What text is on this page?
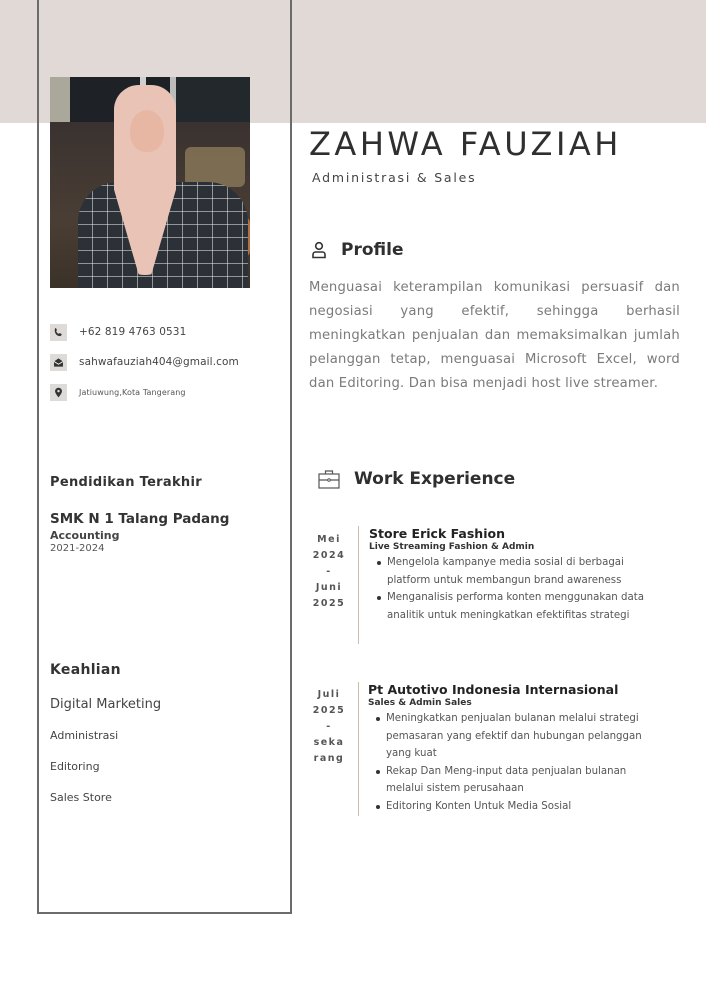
+62 819 4763 0531
sahwafauziah404@gmail.com
Jatiuwung,Kota Tangerang
Pendidikan Terakhir
SMK N 1 Talang Padang
Accounting
2021-2024
Keahlian
Digital Marketing
Administrasi
Editoring
Sales Store
ZAHWA FAUZIAH
Administrasi & Sales
Profile
Menguasai keterampilan komunikasi persuasif dan negosiasi yang efektif, sehingga berhasil meningkatkan penjualan dan memaksimalkan jumlah pelanggan tetap, menguasai Microsoft Excel, word dan Editoring. Dan bisa menjadi host live streamer.
Work Experience
Mei
2024
-
Juni
2025
Store Erick Fashion
Live Streaming Fashion & Admin
Mengelola kampanye media sosial di berbagai platform untuk membangun brand awareness
Menganalisis performa konten menggunakan data analitik untuk meningkatkan efektifitas strategi
Juli
2025
-
seka
rang
Pt Autotivo Indonesia Internasional
Sales & Admin Sales
Meningkatkan penjualan bulanan melalui strategi pemasaran yang efektif dan hubungan pelanggan yang kuat
Rekap Dan Meng-input data penjualan bulanan melalui sistem perusahaan
Editoring Konten Untuk Media Sosial
